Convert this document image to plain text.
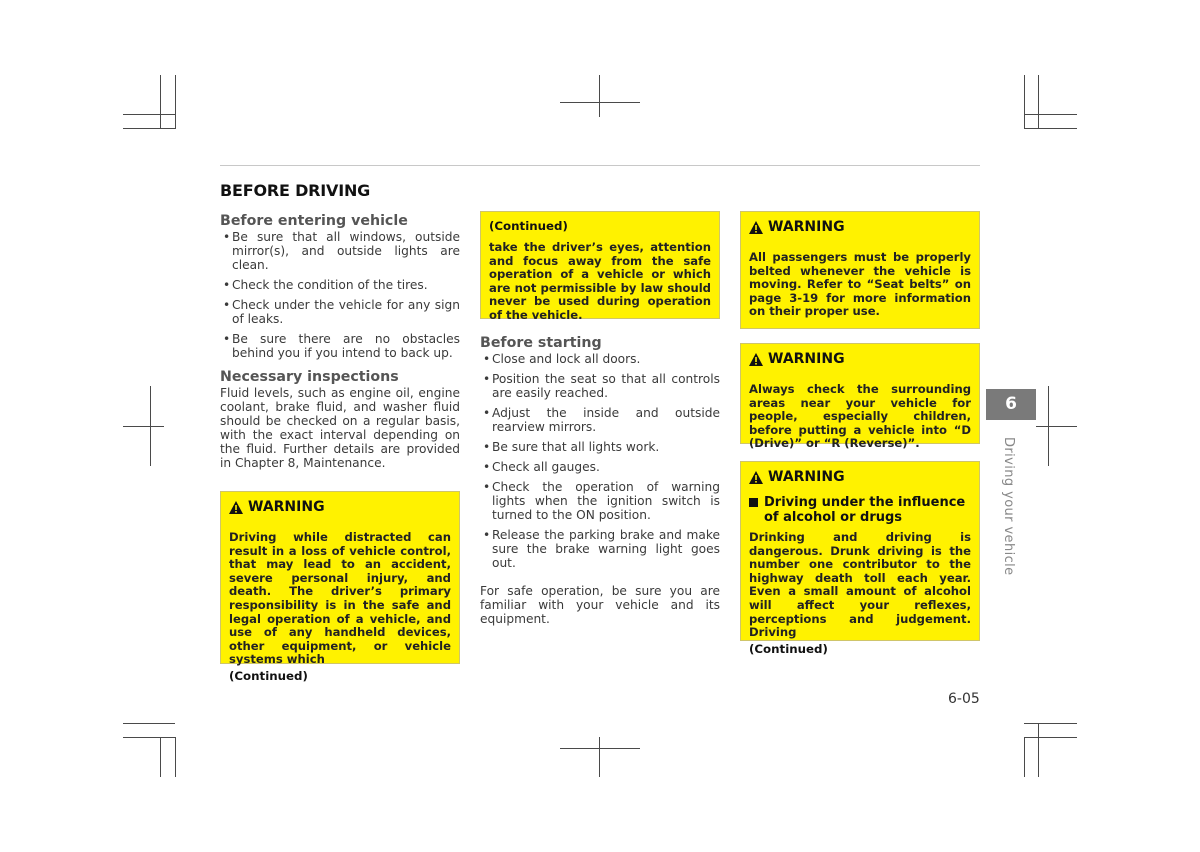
BEFORE DRIVING
Before entering vehicle
• Be sure that all windows, outside mirror(s), and outside lights are clean.
• Check the condition of the tires.
• Check under the vehicle for any sign of leaks.
• Be sure there are no obstacles behind you if you intend to back up.
Necessary inspections

Fluid levels, such as engine oil, engine coolant, brake fluid, and washer fluid should be checked on a regular basis, with the exact interval depending on the fluid. Further details are provided in Chapter 8, Maintenance.

WARNING
Driving while distracted can result in a loss of vehicle control, that may lead to an accident, severe personal injury, and death. The driver’s primary responsibility is in the safe and legal operation of a vehicle, and use of any handheld devices, other equipment, or vehicle systems which
(Continued)
(Continued)
take the driver’s eyes, attention and focus away from the safe operation of a vehicle or which are not permissible by law should never be used during operation of the vehicle.
Before starting
• Close and lock all doors.
• Position the seat so that all controls are easily reached.
• Adjust the inside and outside rearview mirrors.
• Be sure that all lights work.
• Check all gauges.
• Check the operation of warning lights when the ignition switch is turned to the ON position.
• Release the parking brake and make sure the brake warning light goes out.

For safe operation, be sure you are familiar with your vehicle and its equipment.

WARNING
All passengers must be properly belted whenever the vehicle is moving. Refer to “Seat belts” on page 3-19 for more information on their proper use.
WARNING
Always check the surrounding areas near your vehicle for people, especially children, before putting a vehicle into “D (Drive)” or “R (Reverse)”.
WARNING
Driving under the influence of alcohol or drugs
Drinking and driving is dangerous. Drunk driving is the number one contributor to the highway death toll each year. Even a small amount of alcohol will affect your reflexes, perceptions and judgement. Driving
(Continued)
6
Driving your vehicle
6-05
